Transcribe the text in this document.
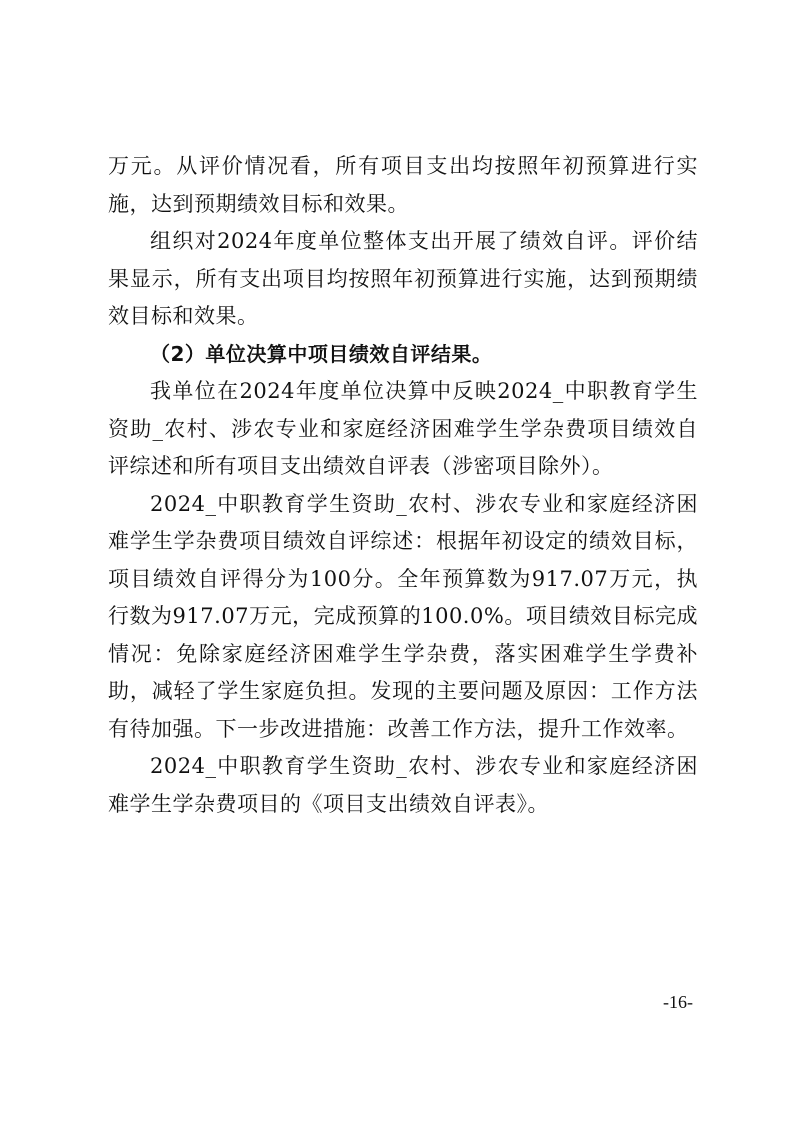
万元。从评价情况看，所有项目支出均按照年初预算进行实施，达到预期绩效目标和效果。

组织对2024年度单位整体支出开展了绩效自评。评价结果显示，所有支出项目均按照年初预算进行实施，达到预期绩效目标和效果。

（2）单位决算中项目绩效自评结果。

我单位在2024年度单位决算中反映2024_中职教育学生资助_农村、涉农专业和家庭经济困难学生学杂费项目绩效自评综述和所有项目支出绩效自评表（涉密项目除外）。

2024_中职教育学生资助_农村、涉农专业和家庭经济困难学生学杂费项目绩效自评综述：根据年初设定的绩效目标，项目绩效自评得分为100分。全年预算数为917.07万元，执行数为917.07万元，完成预算的100.0%。项目绩效目标完成情况：免除家庭经济困难学生学杂费，落实困难学生学费补助，减轻了学生家庭负担。发现的主要问题及原因：工作方法有待加强。下一步改进措施：改善工作方法，提升工作效率。

2024_中职教育学生资助_农村、涉农专业和家庭经济困难学生学杂费项目的《项目支出绩效自评表》。

-16-
